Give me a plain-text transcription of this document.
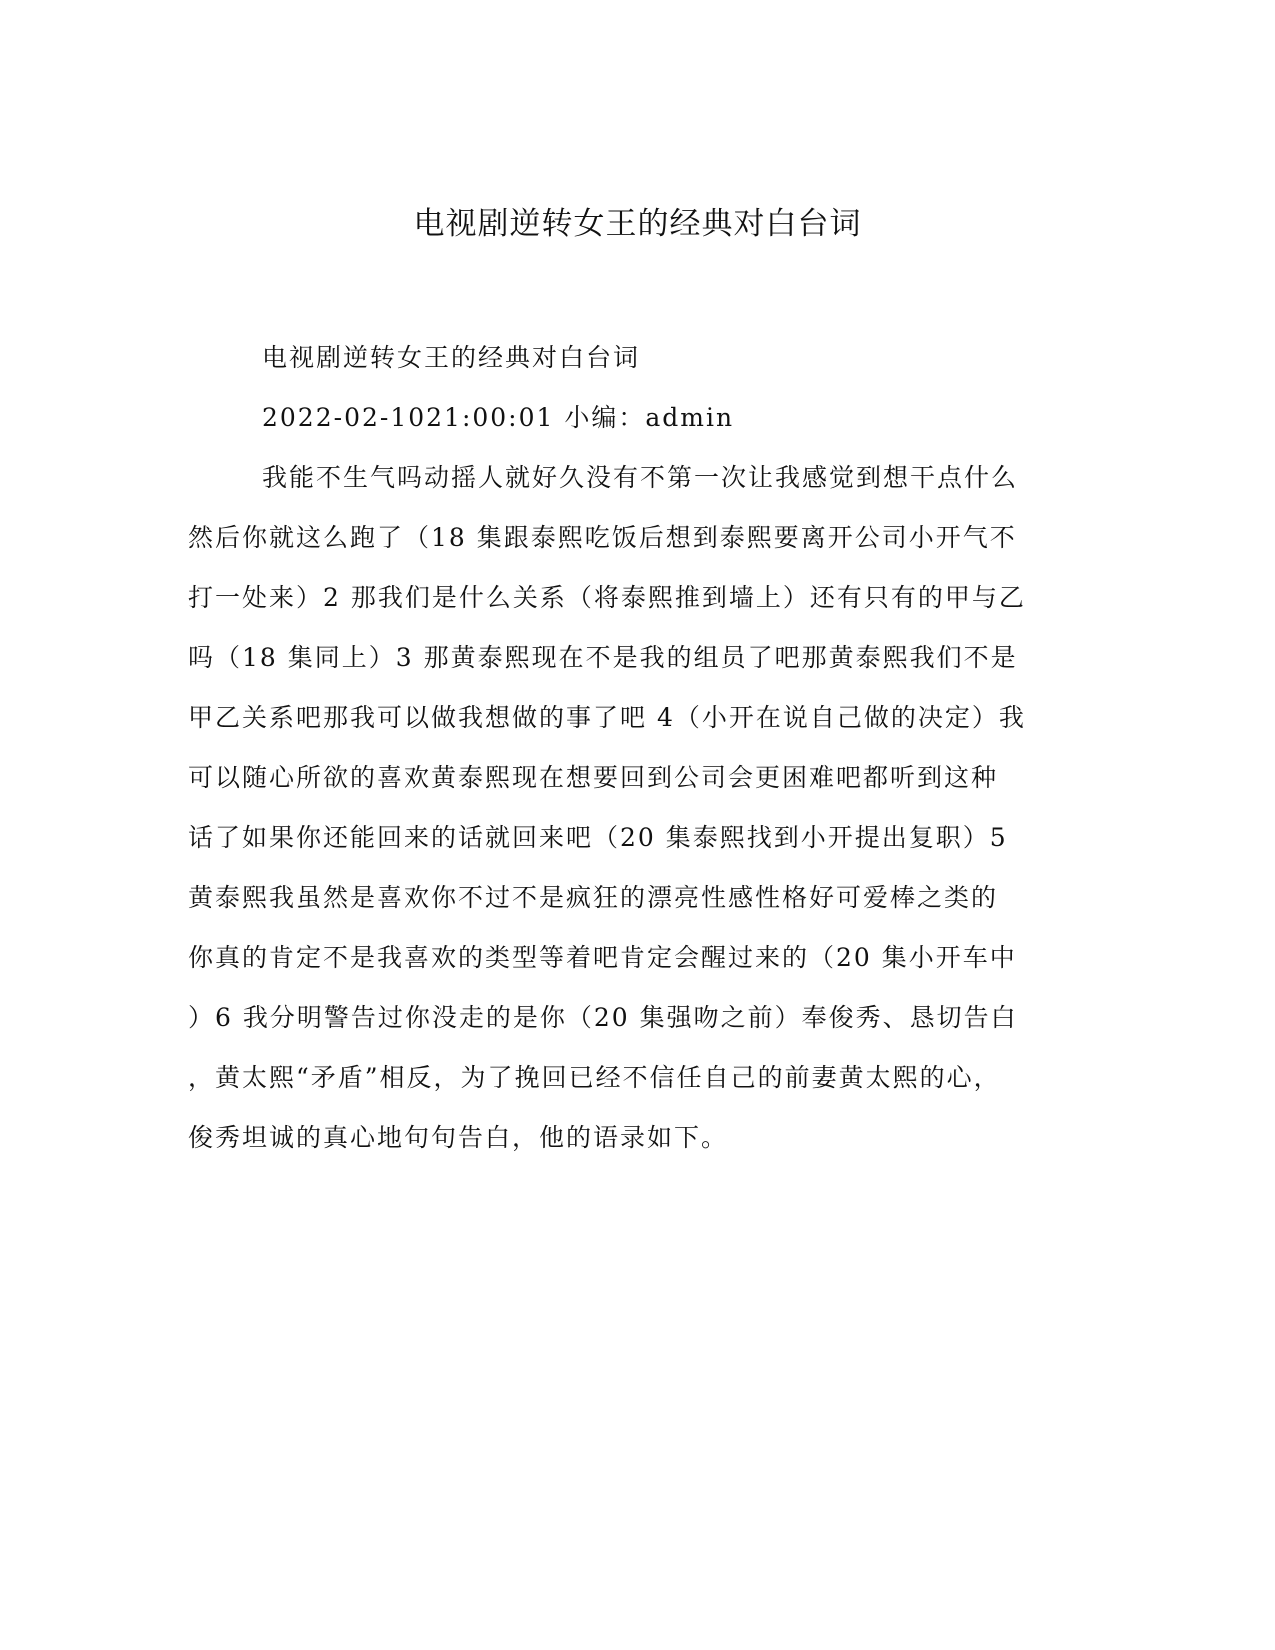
电视剧逆转女王的经典对白台词
电视剧逆转女王的经典对白台词
2022-02-1021:00:01 小编：admin
我能不生气吗动摇人就好久没有不第一次让我感觉到想干点什么
然后你就这么跑了（18 集跟泰熙吃饭后想到泰熙要离开公司小开气不
打一处来）2 那我们是什么关系（将泰熙推到墙上）还有只有的甲与乙
吗（18 集同上）3 那黄泰熙现在不是我的组员了吧那黄泰熙我们不是
甲乙关系吧那我可以做我想做的事了吧 4（小开在说自己做的决定）我
可以随心所欲的喜欢黄泰熙现在想要回到公司会更困难吧都听到这种
话了如果你还能回来的话就回来吧（20 集泰熙找到小开提出复职）5
黄泰熙我虽然是喜欢你不过不是疯狂的漂亮性感性格好可爱棒之类的
你真的肯定不是我喜欢的类型等着吧肯定会醒过来的（20 集小开车中
）6 我分明警告过你没走的是你（20 集强吻之前）奉俊秀、恳切告白
，黄太熙“矛盾”相反，为了挽回已经不信任自己的前妻黄太熙的心，
俊秀坦诚的真心地句句告白，他的语录如下。
